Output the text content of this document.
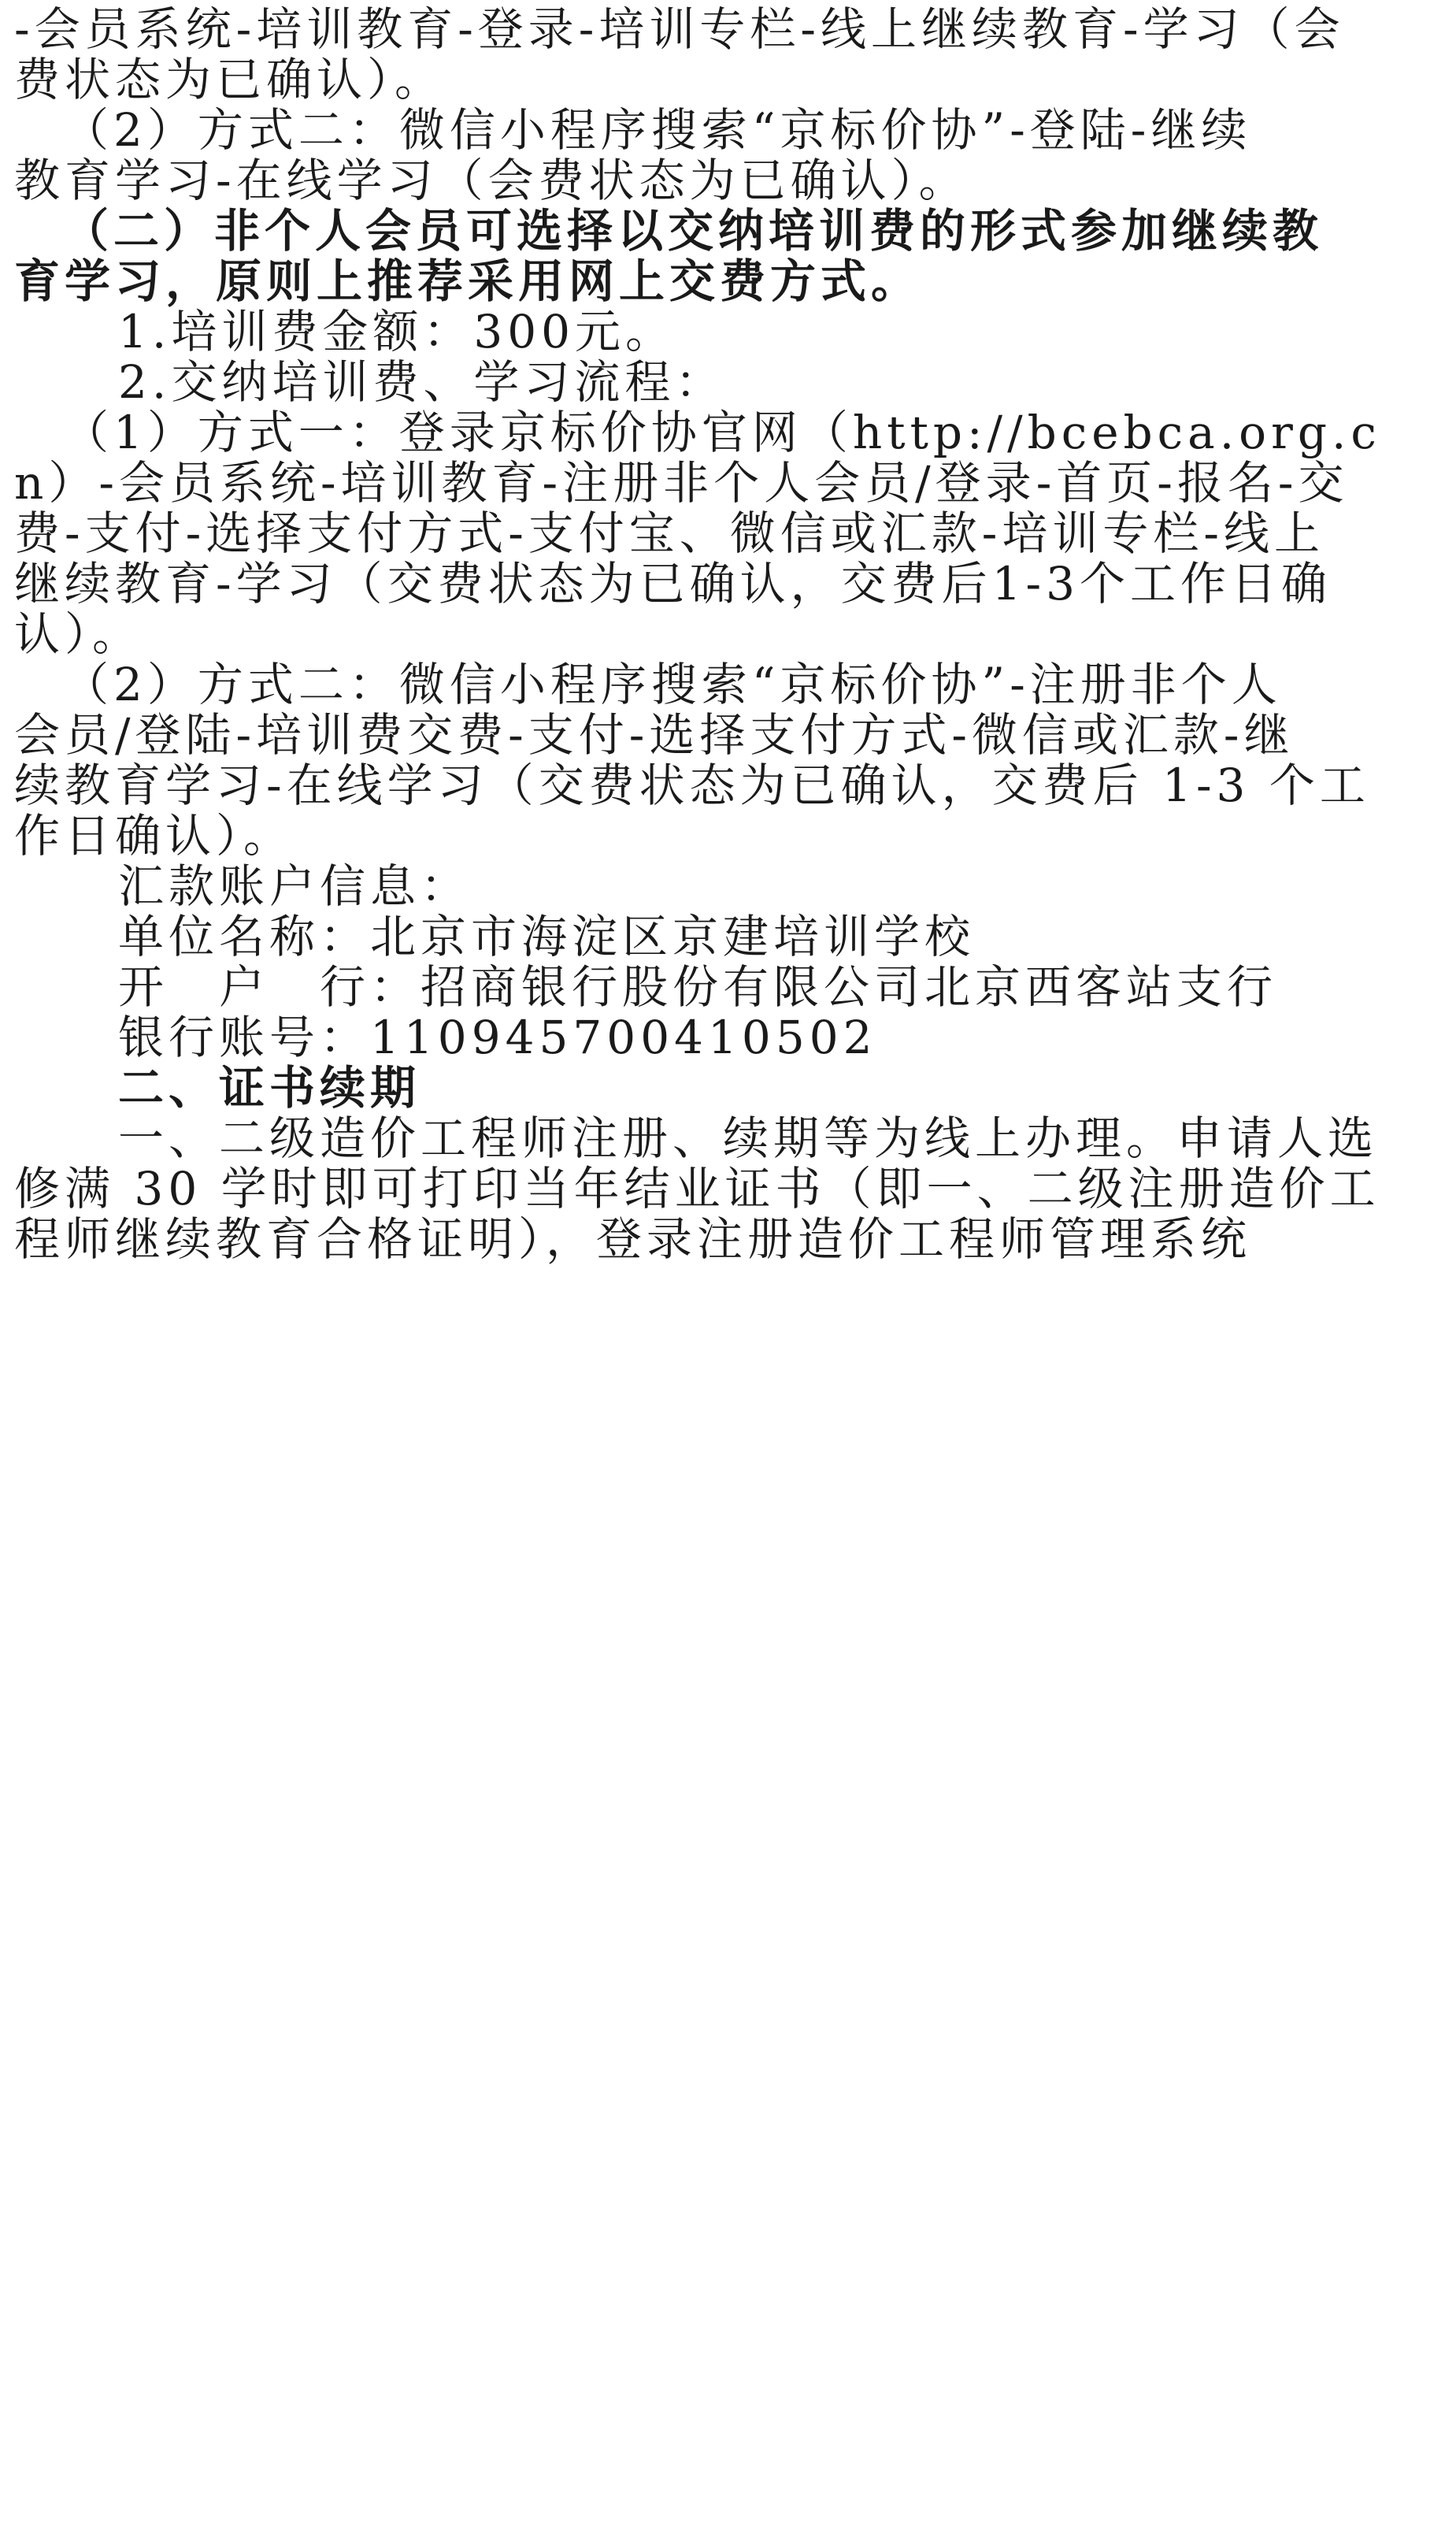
-会员系统-培训教育-登录-培训专栏-线上继续教育-学习（会
费状态为已确认）。
（2）方式二：微信小程序搜索“京标价协”-登陆-继续
教育学习-在线学习（会费状态为已确认）。
（二）非个人会员可选择以交纳培训费的形式参加继续教
育学习，原则上推荐采用网上交费方式。
1.培训费金额：300元。
2.交纳培训费、学习流程：
（1）方式一：登录京标价协官网（http://bcebca.org.c
n）-会员系统-培训教育-注册非个人会员/登录-首页-报名-交
费-支付-选择支付方式-支付宝、微信或汇款-培训专栏-线上
继续教育-学习（交费状态为已确认，交费后1-3个工作日确
认）。
（2）方式二：微信小程序搜索“京标价协”-注册非个人
会员/登陆-培训费交费-支付-选择支付方式-微信或汇款-继
续教育学习-在线学习（交费状态为已确认，交费后 1-3 个工
作日确认）。
汇款账户信息：
单位名称：北京市海淀区京建培训学校
开　户　行：招商银行股份有限公司北京西客站支行
银行账号：110945700410502
二、证书续期
一、二级造价工程师注册、续期等为线上办理。申请人选
修满 30 学时即可打印当年结业证书（即一、二级注册造价工
程师继续教育合格证明），登录注册造价工程师管理系统
